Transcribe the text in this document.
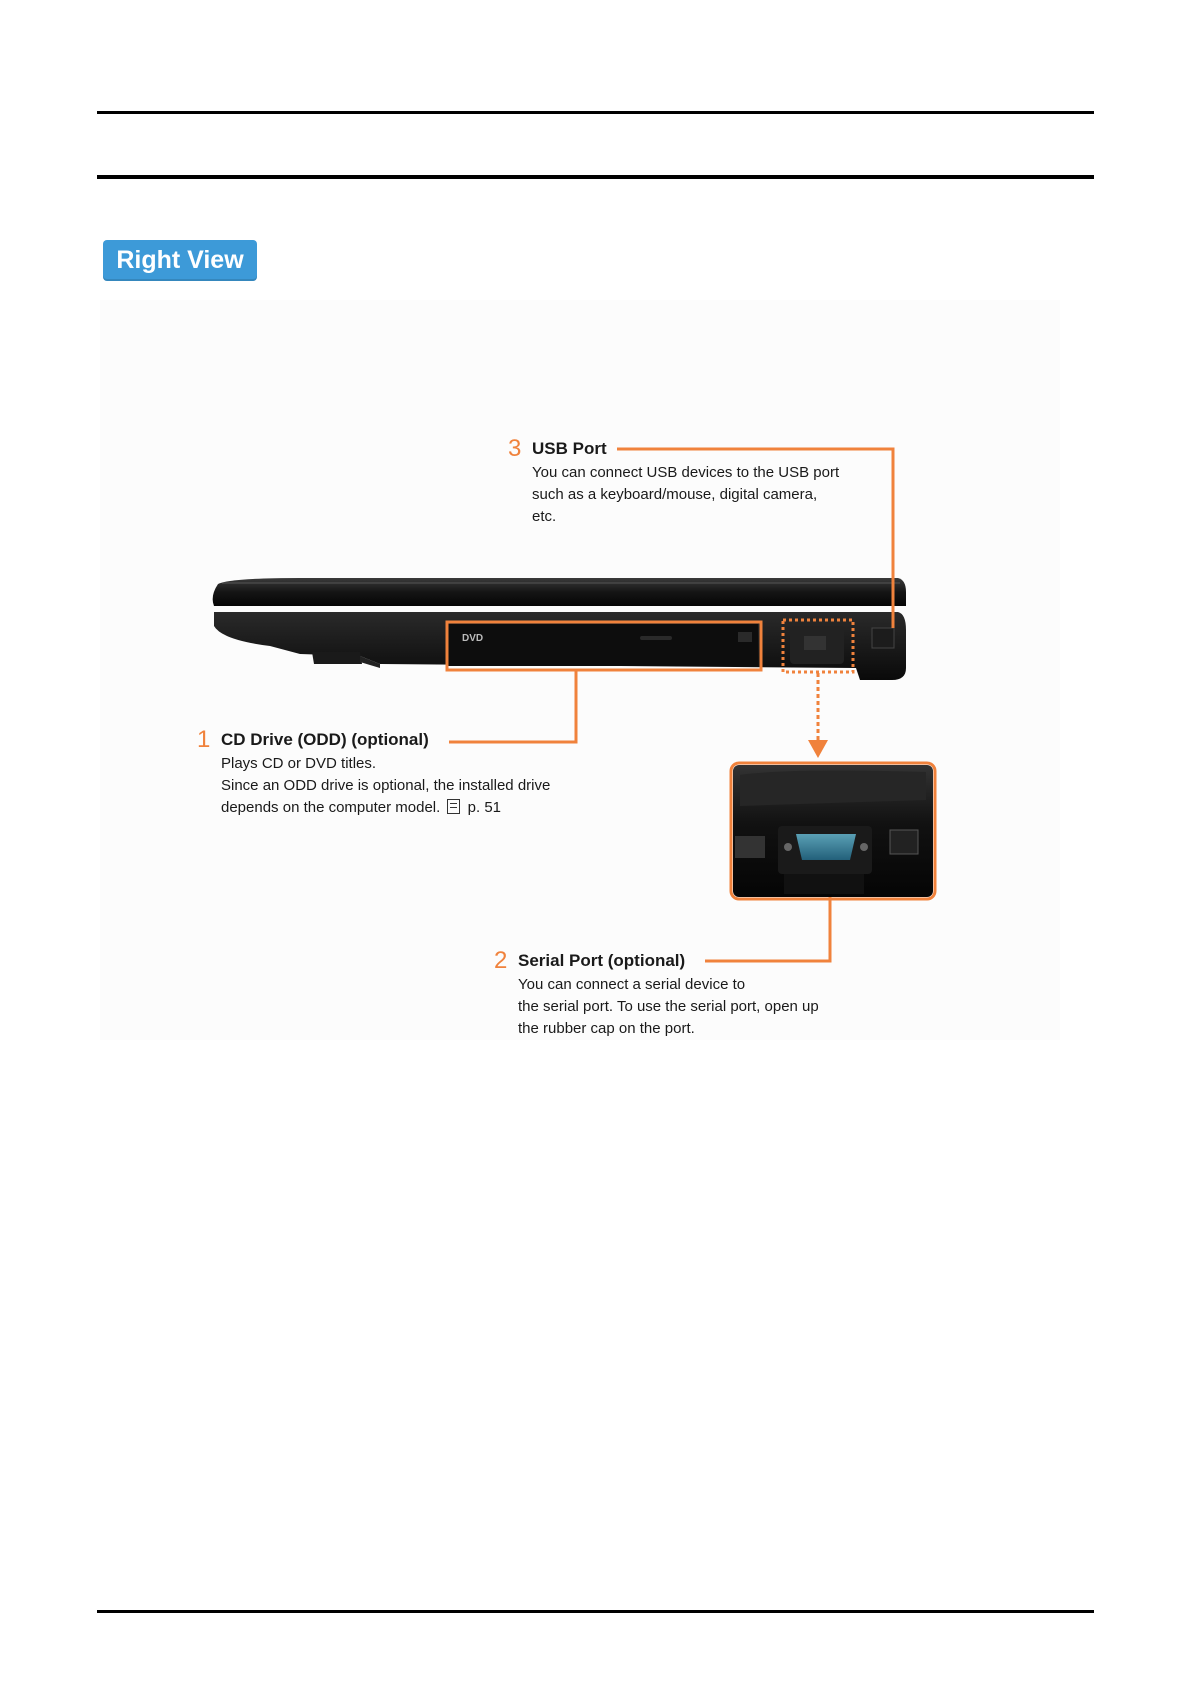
Right View
DVD
3 USB Port
You can connect USB devices to the USB port
such as a keyboard/mouse, digital camera,
etc.
1 CD Drive (ODD) (optional)
Plays CD or DVD titles.
Since an ODD drive is optional, the installed drive
depends on the computer model. p. 51
2 Serial Port (optional)
You can connect a serial device to
the serial port. To use the serial port, open up
the rubber cap on the port.
